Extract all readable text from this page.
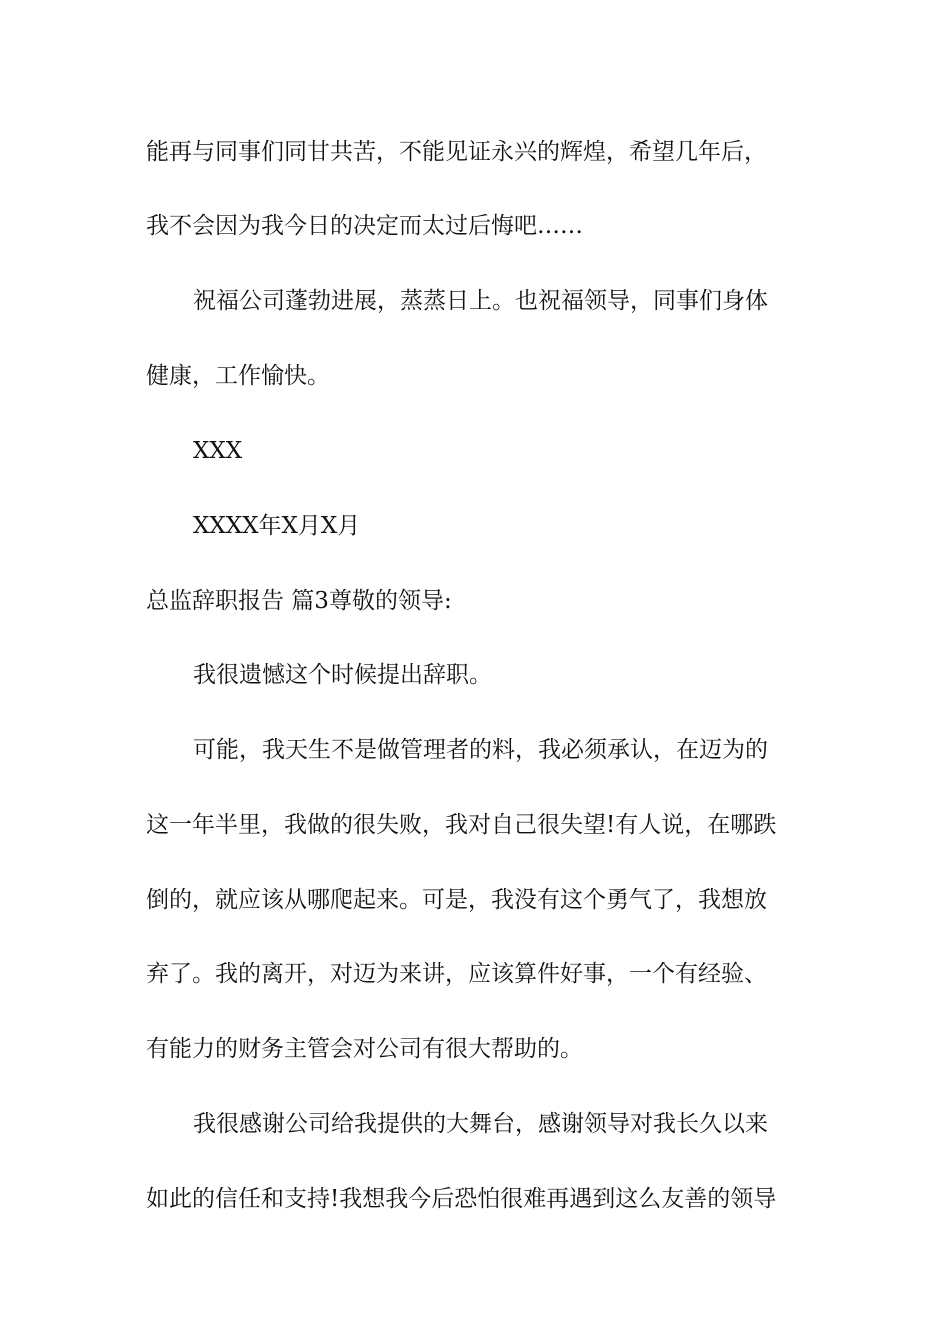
能再与同事们同甘共苦，不能见证永兴的辉煌，希望几年后，
我不会因为我今日的决定而太过后悔吧……
祝福公司蓬勃进展，蒸蒸日上。也祝福领导，同事们身体
健康，工作愉快。
XXX
XXXX年X月X月
总监辞职报告 篇3尊敬的领导:
我很遗憾这个时候提出辞职。
可能，我天生不是做管理者的料，我必须承认，在迈为的
这一年半里，我做的很失败，我对自己很失望!有人说，在哪跌
倒的，就应该从哪爬起来。可是，我没有这个勇气了，我想放
弃了。我的离开，对迈为来讲，应该算件好事，一个有经验、
有能力的财务主管会对公司有很大帮助的。
我很感谢公司给我提供的大舞台，感谢领导对我长久以来
如此的信任和支持!我想我今后恐怕很难再遇到这么友善的领导
